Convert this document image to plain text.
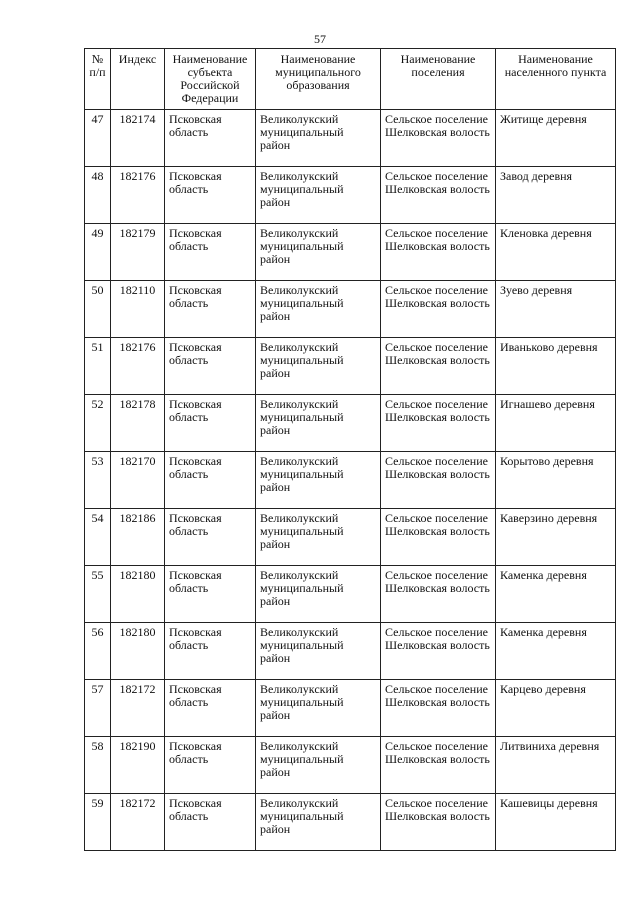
57
№ п/п	Индекс	Наименование субъекта Российской Федерации	Наименование муниципального образования	Наименование поселения	Наименование населенного пункта
47	182174	Псковская область	Великолукский муниципальный район	Сельское поселение Шелковская волость	Житище деревня
48	182176	Псковская область	Великолукский муниципальный район	Сельское поселение Шелковская волость	Завод деревня
49	182179	Псковская область	Великолукский муниципальный район	Сельское поселение Шелковская волость	Кленовка деревня
50	182110	Псковская область	Великолукский муниципальный район	Сельское поселение Шелковская волость	Зуево деревня
51	182176	Псковская область	Великолукский муниципальный район	Сельское поселение Шелковская волость	Иваньково деревня
52	182178	Псковская область	Великолукский муниципальный район	Сельское поселение Шелковская волость	Игнашево деревня
53	182170	Псковская область	Великолукский муниципальный район	Сельское поселение Шелковская волость	Корытово деревня
54	182186	Псковская область	Великолукский муниципальный район	Сельское поселение Шелковская волость	Каверзино деревня
55	182180	Псковская область	Великолукский муниципальный район	Сельское поселение Шелковская волость	Каменка деревня
56	182180	Псковская область	Великолукский муниципальный район	Сельское поселение Шелковская волость	Каменка деревня
57	182172	Псковская область	Великолукский муниципальный район	Сельское поселение Шелковская волость	Карцево деревня
58	182190	Псковская область	Великолукский муниципальный район	Сельское поселение Шелковская волость	Литвиниха деревня
59	182172	Псковская область	Великолукский муниципальный район	Сельское поселение Шелковская волость	Кашевицы деревня
